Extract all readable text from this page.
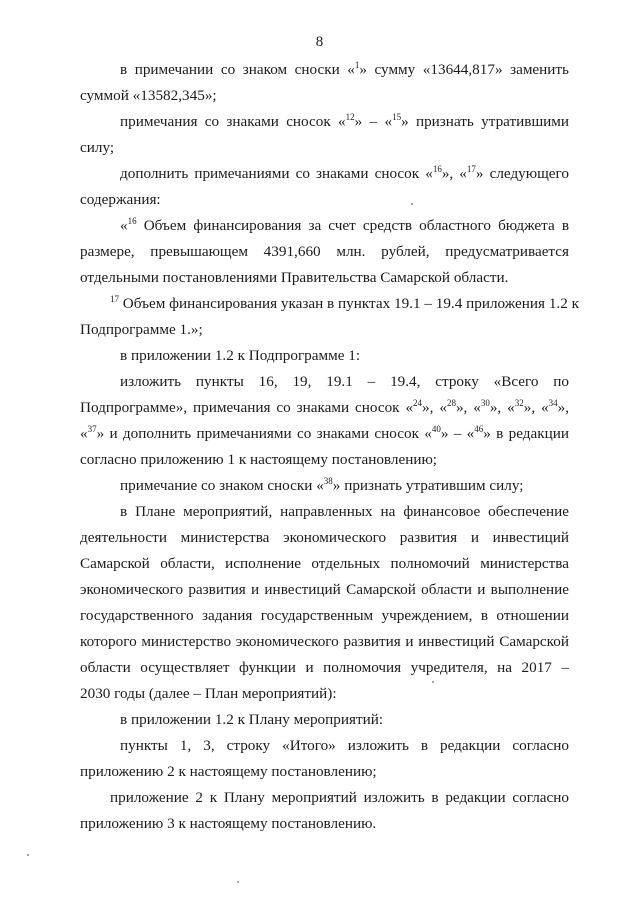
8
в примечании со знаком сноски «$^1$» сумму «13644,817» заменить
суммой «13582,345»;
примечания со знаками сносок «$^{12}$» – «$^{15}$» признать утратившими
силу;
дополнить примечаниями со знаками сносок «$^{16}$», «$^{17}$» следующего
содержания:
«$^{16}$ Объем финансирования за счет средств областного бюджета в
размере, превышающем 4391,660 млн. рублей, предусматривается
отдельными постановлениями Правительства Самарской области.
$^{17}$ Объем финансирования указан в пунктах 19.1 – 19.4 приложения 1.2 к
Подпрограмме 1.»;
в приложении 1.2 к Подпрограмме 1:
изложить пункты 16, 19, 19.1 – 19.4, строку «Всего по
Подпрограмме», примечания со знаками сносок «$^{24}$», «$^{28}$», «$^{30}$», «$^{32}$», «$^{34}$»,
«$^{37}$» и дополнить примечаниями со знаками сносок «$^{40}$» – «$^{46}$» в редакции
согласно приложению 1 к настоящему постановлению;
примечание со знаком сноски «$^{38}$» признать утратившим силу;
в Плане мероприятий, направленных на финансовое обеспечение
деятельности министерства экономического развития и инвестиций
Самарской области, исполнение отдельных полномочий министерства
экономического развития и инвестиций Самарской области и выполнение
государственного задания государственным учреждением, в отношении
которого министерство экономического развития и инвестиций Самарской
области осуществляет функции и полномочия учредителя, на 2017 –
2030 годы (далее – План мероприятий):
в приложении 1.2 к Плану мероприятий:
пункты 1, 3, строку «Итого» изложить в редакции согласно
приложению 2 к настоящему постановлению;
приложение 2 к Плану мероприятий изложить в редакции согласно
приложению 3 к настоящему постановлению.
